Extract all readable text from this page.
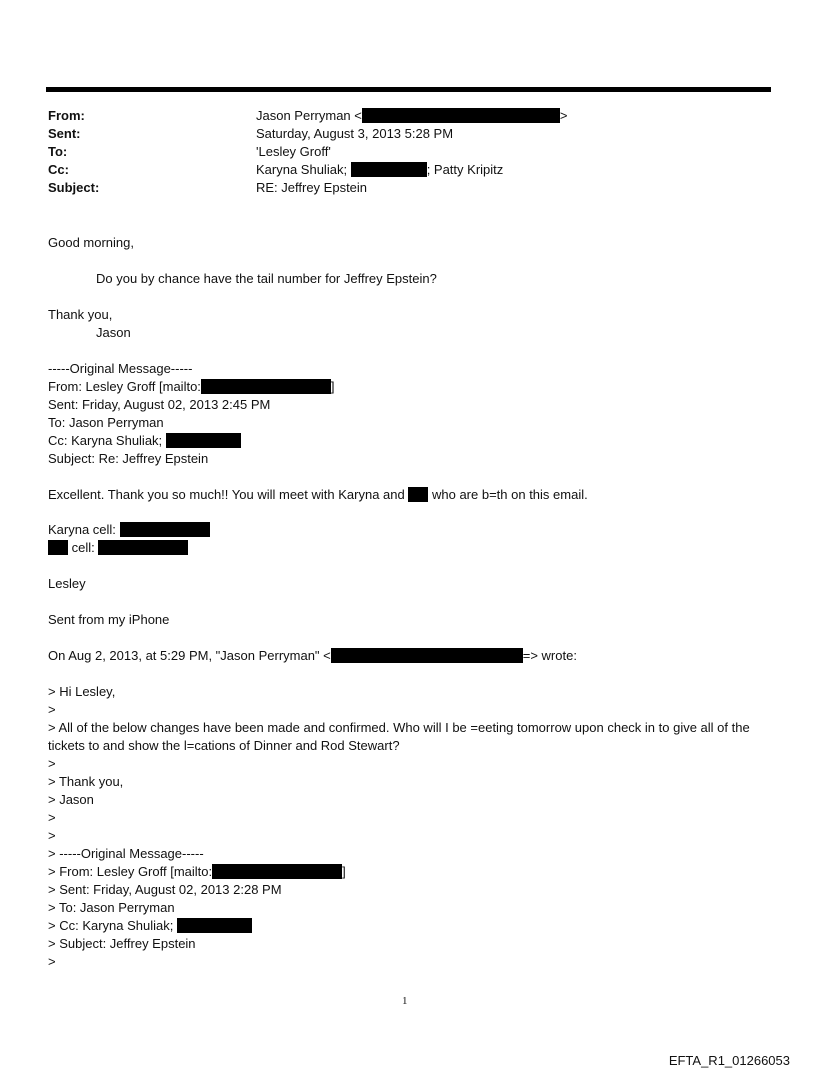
From:	Jason Perryman <	>
Sent:	Saturday, August 3, 2013 5:28 PM
To:	'Lesley Groff'
Cc:	Karyna Shuliak;	; Patty Kripitz
Subject:	RE: Jeffrey Epstein
Good morning,
Do you by chance have the tail number for Jeffrey Epstein?
Thank you,
Jason
-----Original Message-----
From: Lesley Groff [mailto:	]
Sent: Friday, August 02, 2013 2:45 PM
To: Jason Perryman
Cc: Karyna Shuliak;
Subject: Re: Jeffrey Epstein
Excellent. Thank you so much!! You will meet with Karyna and who are b=th on this email.
Karyna cell:
cell:
Lesley
Sent from my iPhone
On Aug 2, 2013, at 5:29 PM, "Jason Perryman" <	=> wrote:
> Hi Lesley,
>
> All of the below changes have been made and confirmed. Who will I be =eeting tomorrow upon check in to give all of the tickets to and show the l=cations of Dinner and Rod Stewart?
>
> Thank you,
> Jason
>
>
> -----Original Message-----
> From: Lesley Groff [mailto:	]
> Sent: Friday, August 02, 2013 2:28 PM
> To: Jason Perryman
> Cc: Karyna Shuliak;
> Subject: Jeffrey Epstein
>
1
EFTA_R1_01266053
